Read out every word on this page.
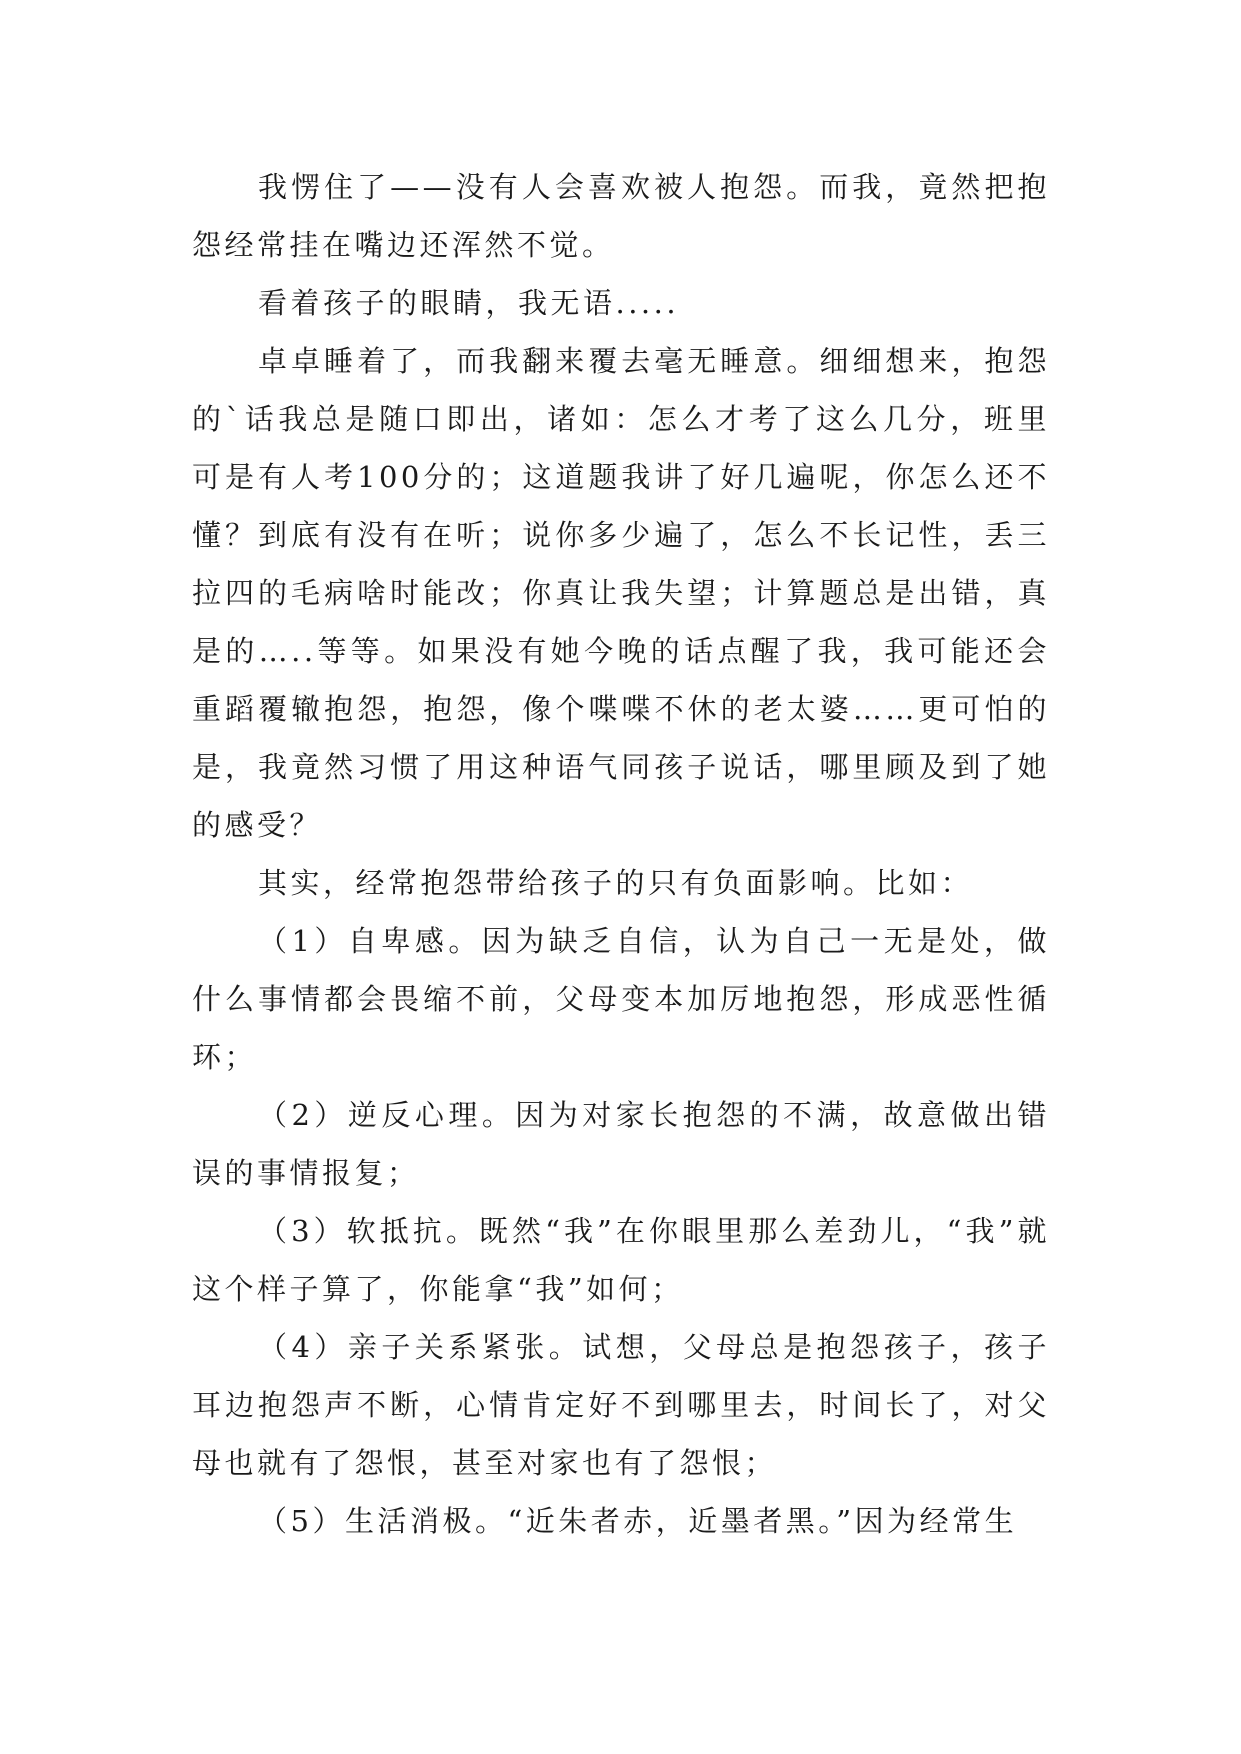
我愣住了——没有人会喜欢被人抱怨。而我，竟然把抱怨经常挂在嘴边还浑然不觉。

看着孩子的眼睛，我无语.....

卓卓睡着了，而我翻来覆去毫无睡意。细细想来，抱怨的`话我总是随口即出，诸如：怎么才考了这么几分，班里可是有人考100分的；这道题我讲了好几遍呢，你怎么还不懂？到底有没有在听；说你多少遍了，怎么不长记性，丢三拉四的毛病啥时能改；你真让我失望；计算题总是出错，真是的…..等等。如果没有她今晚的话点醒了我，我可能还会重蹈覆辙抱怨，抱怨，像个喋喋不休的老太婆……更可怕的是，我竟然习惯了用这种语气同孩子说话，哪里顾及到了她的感受？

其实，经常抱怨带给孩子的只有负面影响。比如：

（1）自卑感。因为缺乏自信，认为自己一无是处，做什么事情都会畏缩不前，父母变本加厉地抱怨，形成恶性循环；

（2）逆反心理。因为对家长抱怨的不满，故意做出错误的事情报复；

（3）软抵抗。既然“我”在你眼里那么差劲儿，“我”就这个样子算了，你能拿“我”如何；

（4）亲子关系紧张。试想，父母总是抱怨孩子，孩子耳边抱怨声不断，心情肯定好不到哪里去，时间长了，对父母也就有了怨恨，甚至对家也有了怨恨；

（5）生活消极。“近朱者赤，近墨者黑。”因为经常生
